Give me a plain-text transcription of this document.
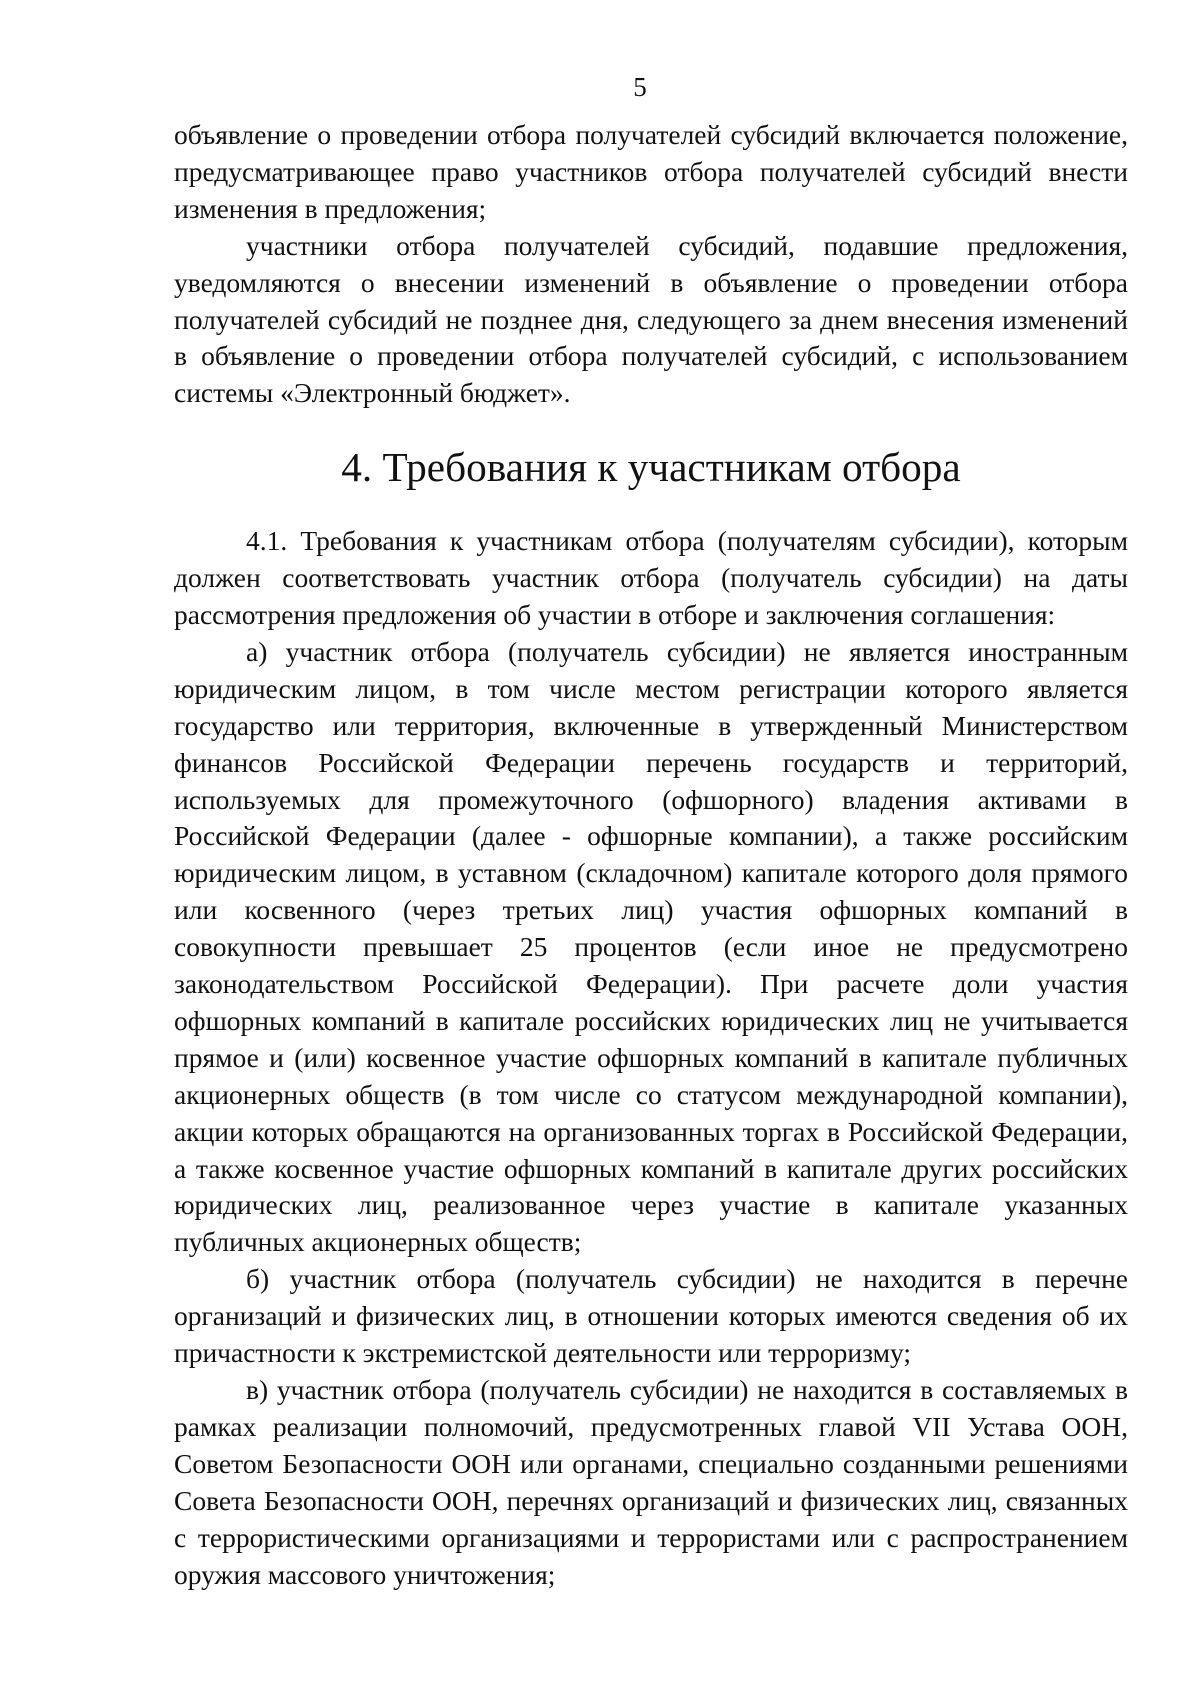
5

объявление о проведении отбора получателей субсидий включается положение, предусматривающее право участников отбора получателей субсидий внести изменения в предложения;

участники отбора получателей субсидий, подавшие предложения, уведомляются о внесении изменений в объявление о проведении отбора получателей субсидий не позднее дня, следующего за днем внесения изменений в объявление о проведении отбора получателей субсидий, с использованием системы «Электронный бюджет».

4. Требования к участникам отбора

4.1. Требования к участникам отбора (получателям субсидии), которым должен соответствовать участник отбора (получатель субсидии) на даты рассмотрения предложения об участии в отборе и заключения соглашения:

а) участник отбора (получатель субсидии) не является иностранным юридическим лицом, в том числе местом регистрации которого является государство или территория, включенные в утвержденный Министерством финансов Российской Федерации перечень государств и территорий, используемых для промежуточного (офшорного) владения активами в Российской Федерации (далее - офшорные компании), а также российским юридическим лицом, в уставном (складочном) капитале которого доля прямого или косвенного (через третьих лиц) участия офшорных компаний в совокупности превышает 25 процентов (если иное не предусмотрено законодательством Российской Федерации). При расчете доли участия офшорных компаний в капитале российских юридических лиц не учитывается прямое и (или) косвенное участие офшорных компаний в капитале публичных акционерных обществ (в том числе со статусом международной компании), акции которых обращаются на организованных торгах в Российской Федерации, а также косвенное участие офшорных компаний в капитале других российских юридических лиц, реализованное через участие в капитале указанных публичных акционерных обществ;

б) участник отбора (получатель субсидии) не находится в перечне организаций и физических лиц, в отношении которых имеются сведения об их причастности к экстремистской деятельности или терроризму;

в) участник отбора (получатель субсидии) не находится в составляемых в рамках реализации полномочий, предусмотренных главой VII Устава ООН, Советом Безопасности ООН или органами, специально созданными решениями Совета Безопасности ООН, перечнях организаций и физических лиц, связанных с террористическими организациями и террористами или с распространением оружия массового уничтожения;
